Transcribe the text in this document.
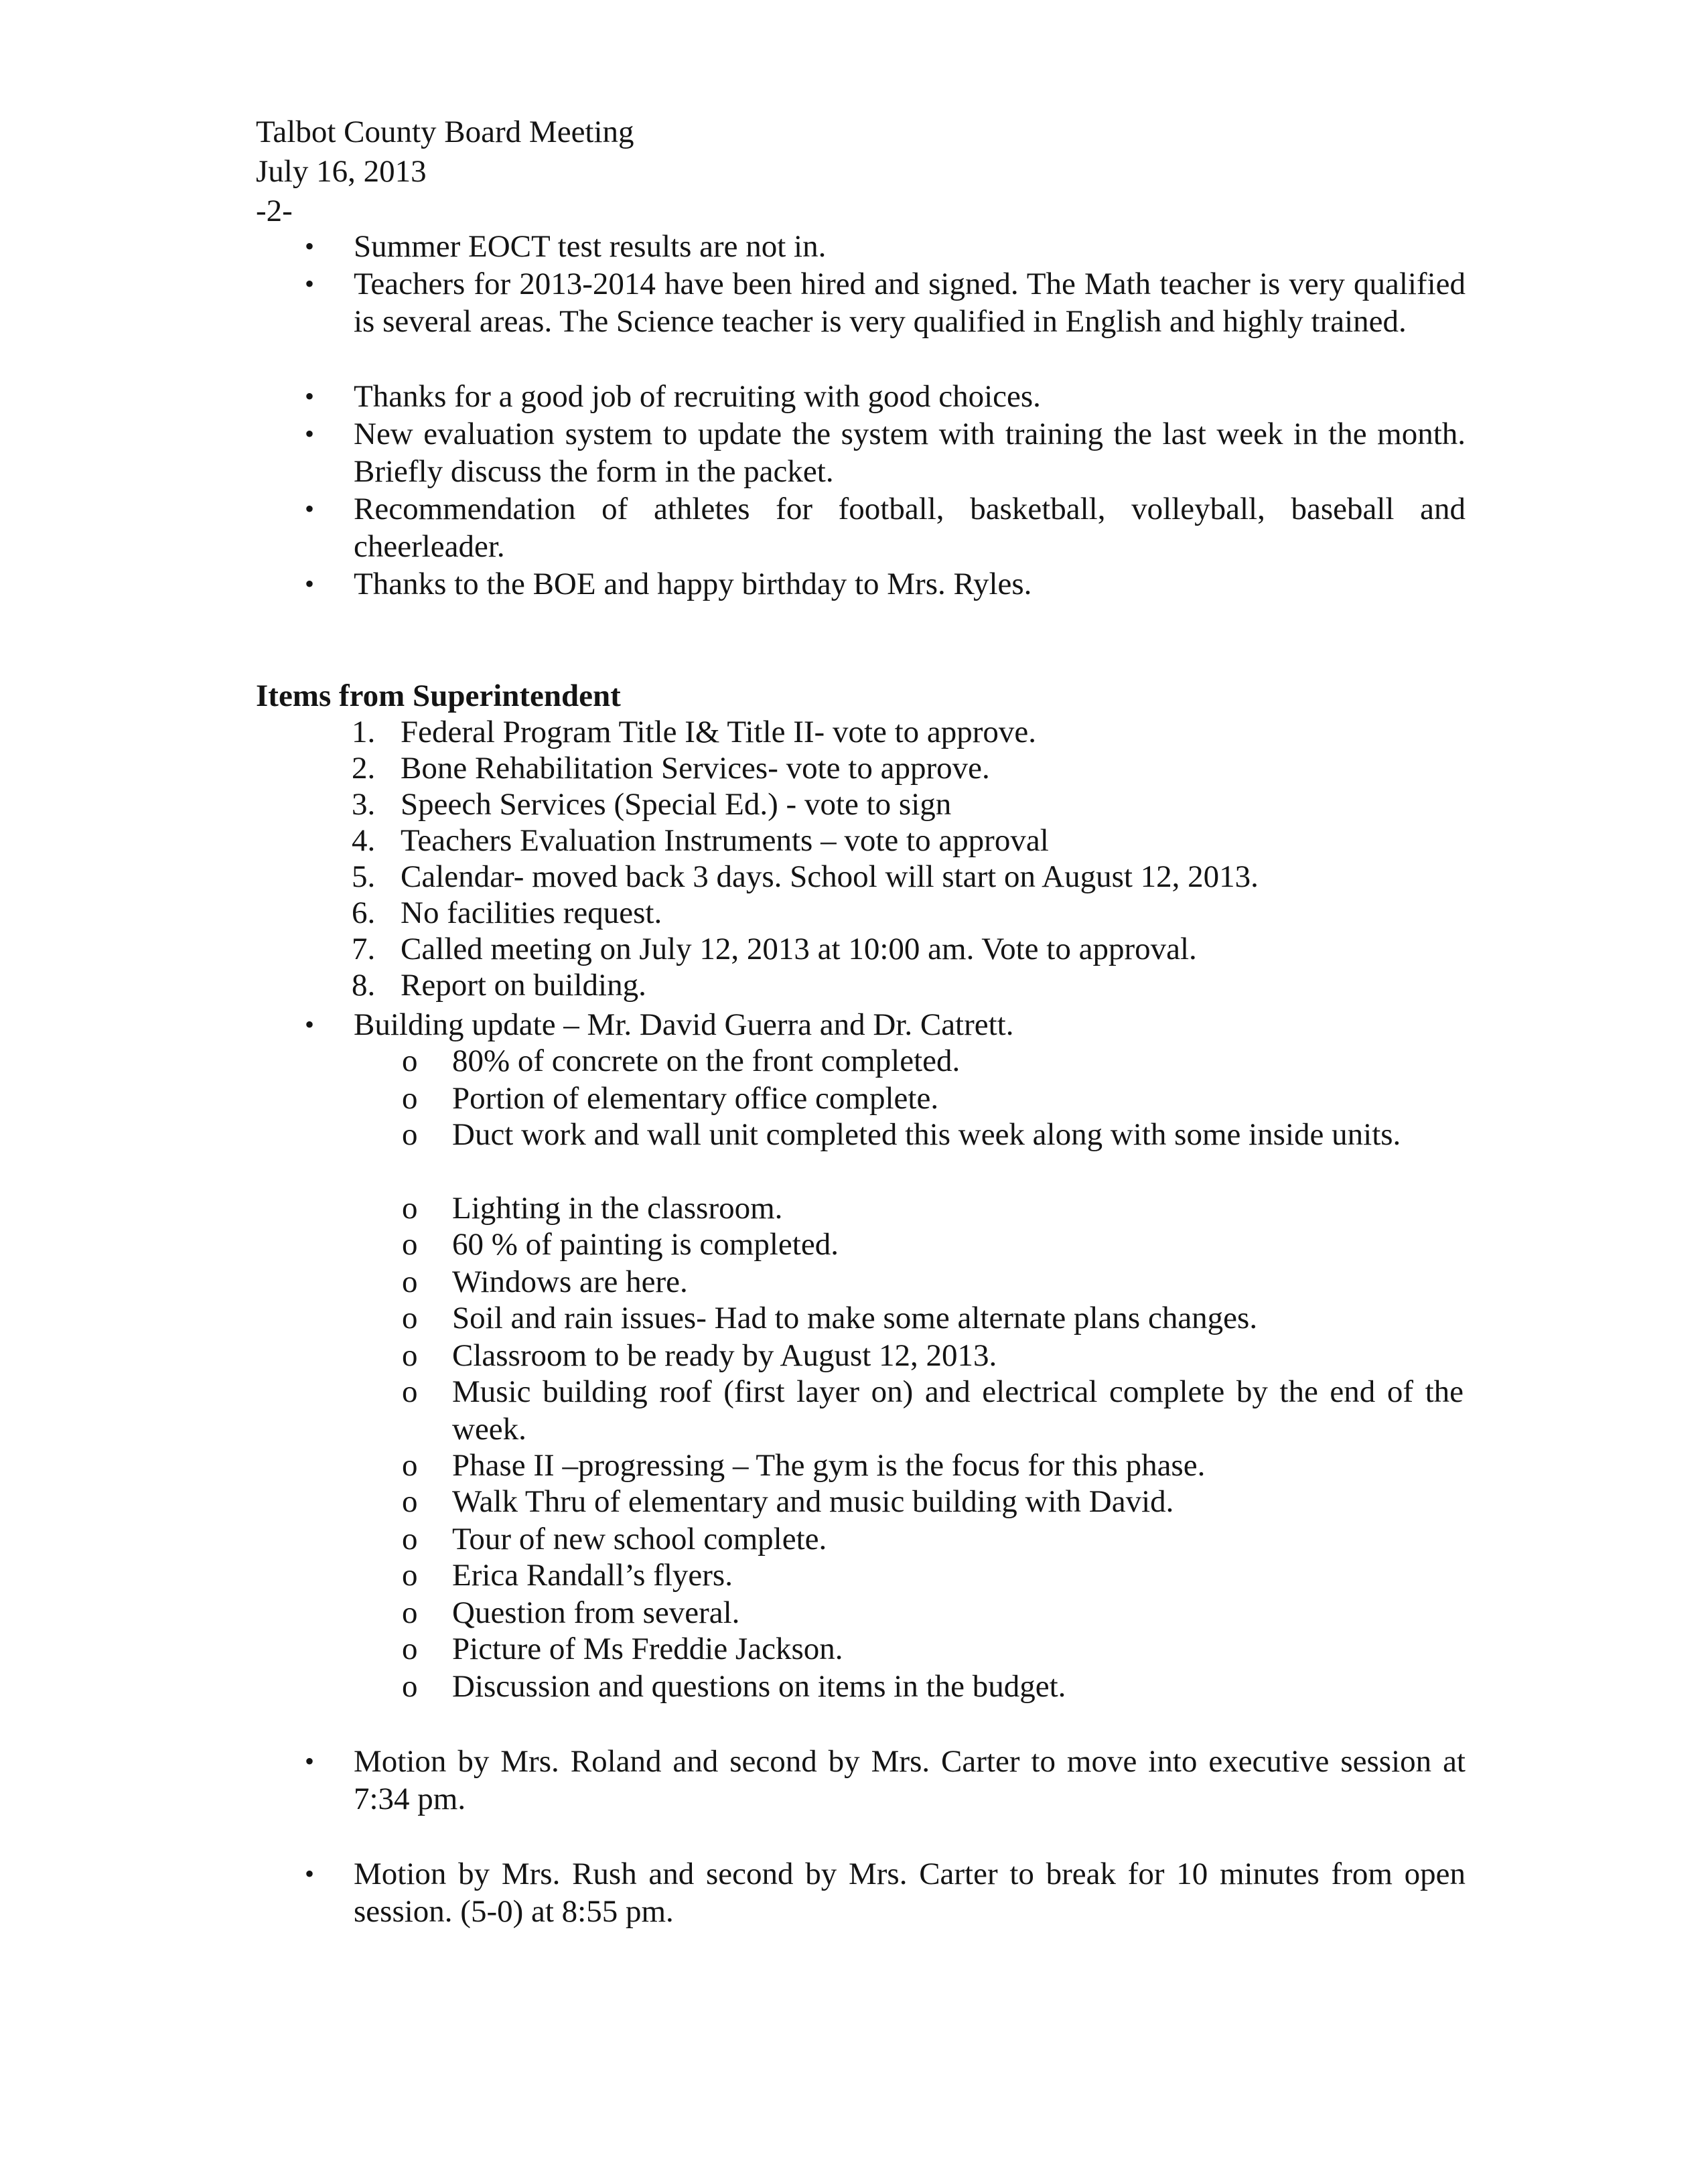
Talbot County Board Meeting
July 16, 2013
-2-
• Summer EOCT test results are not in.
• Teachers for 2013-2014 have been hired and signed. The Math teacher is very qualified is several areas. The Science teacher is very qualified in English and highly trained.
• Thanks for a good job of recruiting with good choices.
• New evaluation system to update the system with training the last week in the month. Briefly discuss the form in the packet.
• Recommendation of athletes for football, basketball, volleyball, baseball and cheerleader.
• Thanks to the BOE and happy birthday to Mrs. Ryles.
Items from Superintendent
1. Federal Program Title I& Title II- vote to approve.
2. Bone Rehabilitation Services- vote to approve.
3. Speech Services (Special Ed.) - vote to sign
4. Teachers Evaluation Instruments – vote to approval
5. Calendar- moved back 3 days. School will start on August 12, 2013.
6. No facilities request.
7. Called meeting on July 12, 2013 at 10:00 am. Vote to approval.
8. Report on building.
• Building update – Mr. David Guerra and Dr. Catrett.
o 80% of concrete on the front completed.
o Portion of elementary office complete.
o Duct work and wall unit completed this week along with some inside units.
o Lighting in the classroom.
o 60 % of painting is completed.
o Windows are here.
o Soil and rain issues- Had to make some alternate plans changes.
o Classroom to be ready by August 12, 2013.
o Music building roof (first layer on) and electrical complete by the end of the week.
o Phase II –progressing – The gym is the focus for this phase.
o Walk Thru of elementary and music building with David.
o Tour of new school complete.
o Erica Randall’s flyers.
o Question from several.
o Picture of Ms Freddie Jackson.
o Discussion and questions on items in the budget.
• Motion by Mrs. Roland and second by Mrs. Carter to move into executive session at 7:34 pm.
• Motion by Mrs. Rush and second by Mrs. Carter to break for 10 minutes from open session. (5-0) at 8:55 pm.
